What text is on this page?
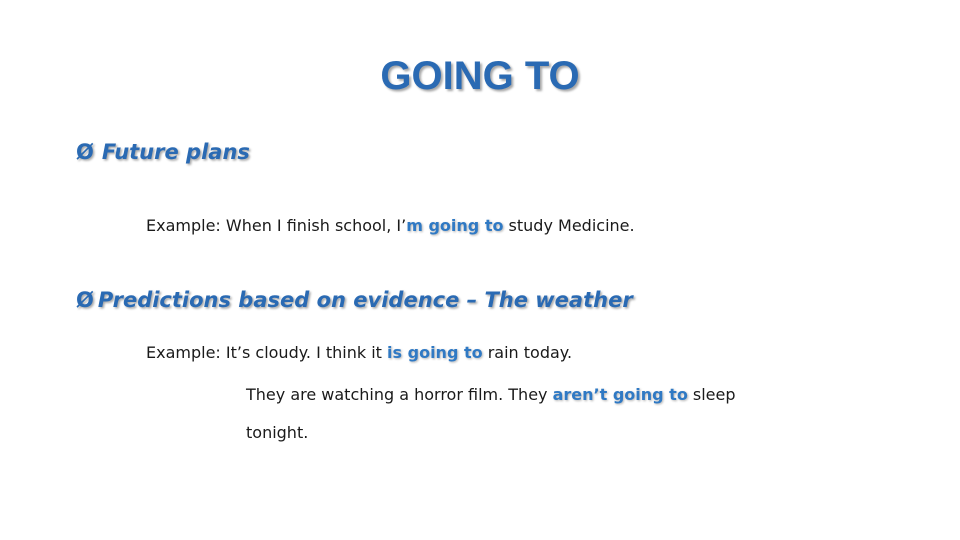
GOING TO
Ø Future plans
Example: When I finish school, I’m going to study Medicine.
Ø Predictions based on evidence – The weather
Example: It’s cloudy. I think it is going to rain today.
They are watching a horror film. They aren’t going to sleep
tonight.
